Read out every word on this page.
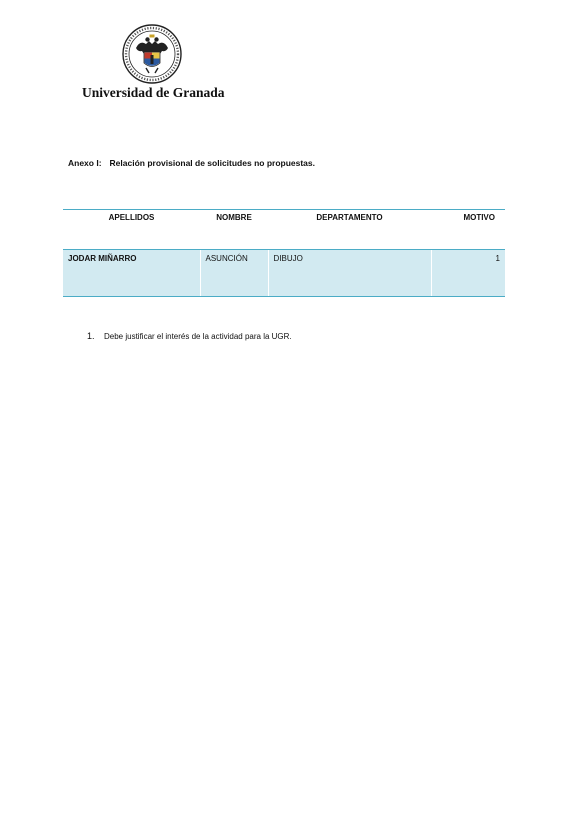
Universidad de Granada
Anexo I: Relación provisional de solicitudes no propuestas.
APELLIDOS	NOMBRE	DEPARTAMENTO	MOTIVO
JODAR MIÑARRO	ASUNCIÓN	DIBUJO	1
1. Debe justificar el interés de la actividad para la UGR.
